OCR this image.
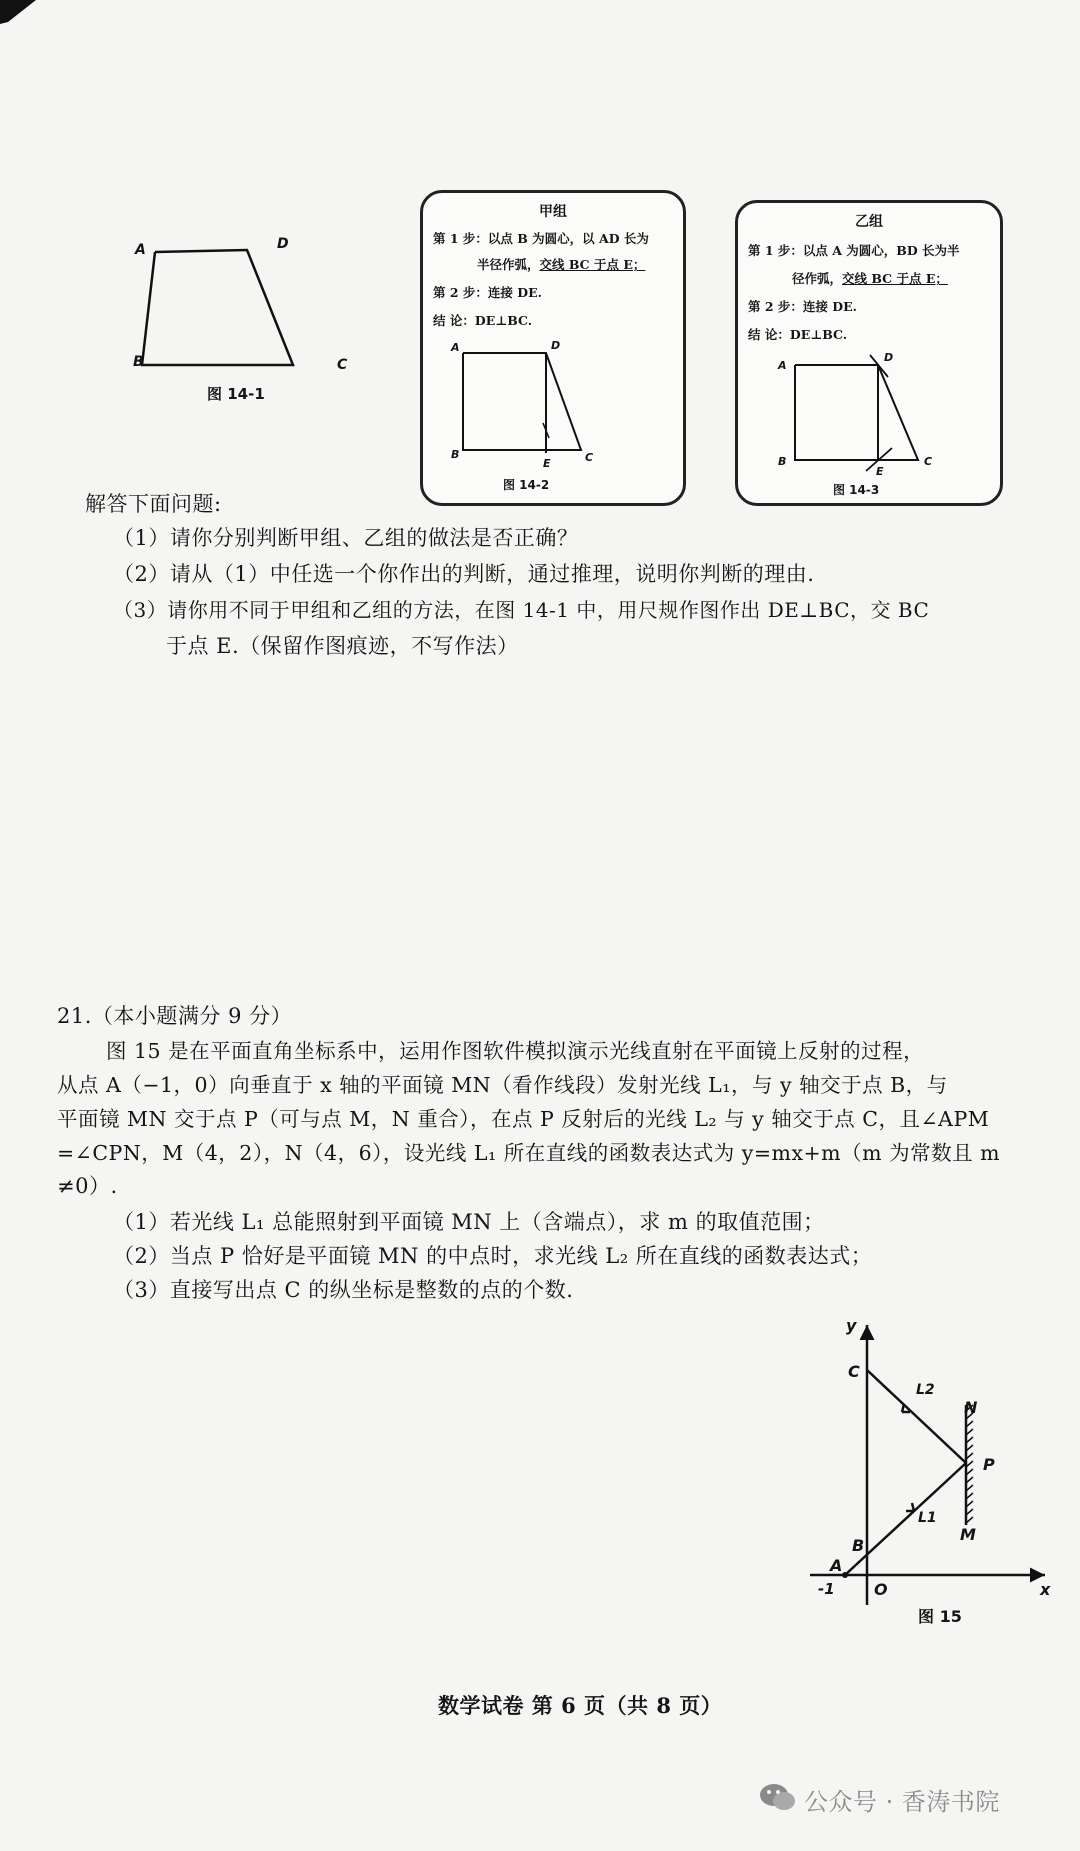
A	D
B	C
图 14-1
甲组
第 1 步：以点 B 为圆心，以 AD 长为
半径作弧，交线 BC 于点 E；
第 2 步：连接 DE.
结 论：DE⊥BC.
A	D
B
E	C
图 14-2
乙组
第 1 步：以点 A 为圆心，BD 长为半
径作弧，交线 BC 于点 E；
第 2 步：连接 DE.
结 论：DE⊥BC.
A
D
B
E
C
图 14-3
解答下面问题:
（1）请你分别判断甲组、乙组的做法是否正确？
（2）请从（1）中任选一个你作出的判断，通过推理，说明你判断的理由.
（3）请你用不同于甲组和乙组的方法，在图 14-1 中，用尺规作图作出 DE⊥BC，交 BC
于点 E.（保留作图痕迹，不写作法）
21.（本小题满分 9 分）
图 15 是在平面直角坐标系中，运用作图软件模拟演示光线直射在平面镜上反射的过程，
从点 A（−1，0）向垂直于 x 轴的平面镜 MN（看作线段）发射光线 L₁，与 y 轴交于点 B，与
平面镜 MN 交于点 P（可与点 M，N 重合），在点 P 反射后的光线 L₂ 与 y 轴交于点 C，且∠APM
=∠CPN，M（4，2），N（4，6），设光线 L₁ 所在直线的函数表达式为 y=mx+m（m 为常数且 m
≠0）.
（1）若光线 L₁ 总能照射到平面镜 MN 上（含端点），求 m 的取值范围；
（2）当点 P 恰好是平面镜 MN 的中点时，求光线 L₂ 所在直线的函数表达式；
（3）直接写出点 C 的纵坐标是整数的点的个数.
y
x
C
L2
N
P
L1
M
B
A
O
-1
图 15
数学试卷 第 6 页（共 8 页）
公众号 · 香涛书院
